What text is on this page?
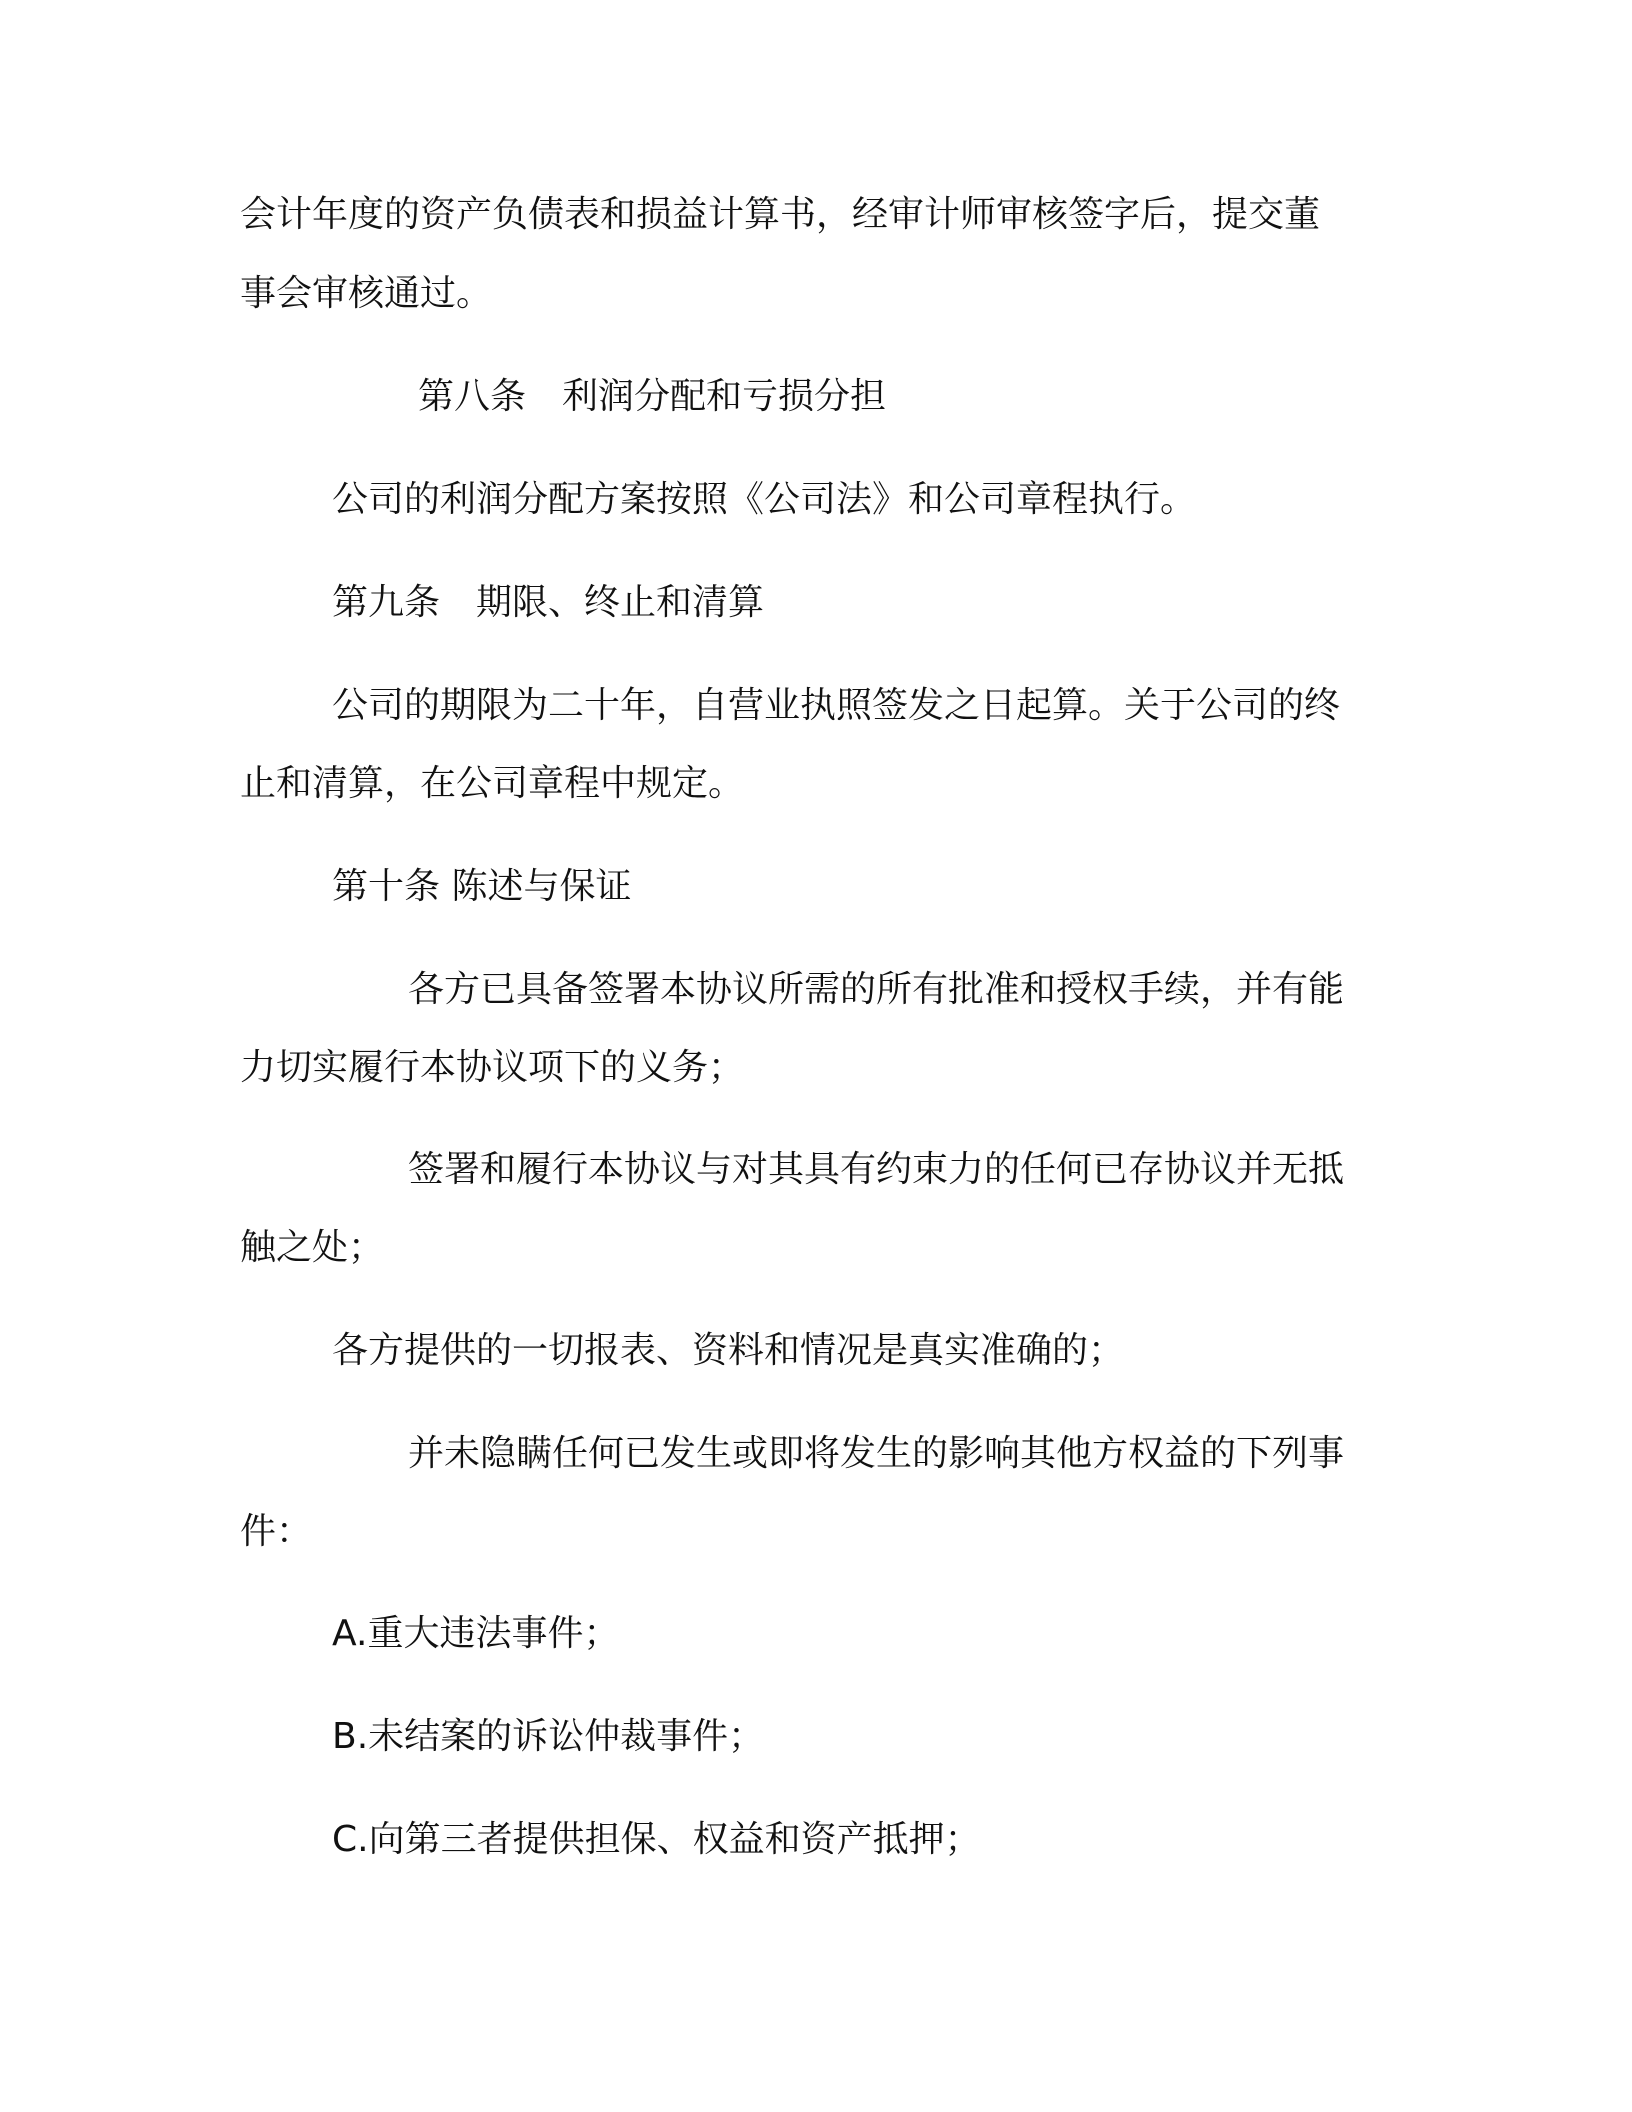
会计年度的资产负债表和损益计算书，经审计师审核签字后，提交董
事会审核通过。
第八条　利润分配和亏损分担
公司的利润分配方案按照《公司法》和公司章程执行。
第九条　期限、终止和清算
公司的期限为二十年，自营业执照签发之日起算。关于公司的终
止和清算，在公司章程中规定。
第十条 陈述与保证
各方已具备签署本协议所需的所有批准和授权手续，并有能
力切实履行本协议项下的义务；
签署和履行本协议与对其具有约束力的任何已存协议并无抵
触之处；
各方提供的一切报表、资料和情况是真实准确的；
并未隐瞒任何已发生或即将发生的影响其他方权益的下列事
件：
A.重大违法事件；
B.未结案的诉讼仲裁事件；
C.向第三者提供担保、权益和资产抵押；
